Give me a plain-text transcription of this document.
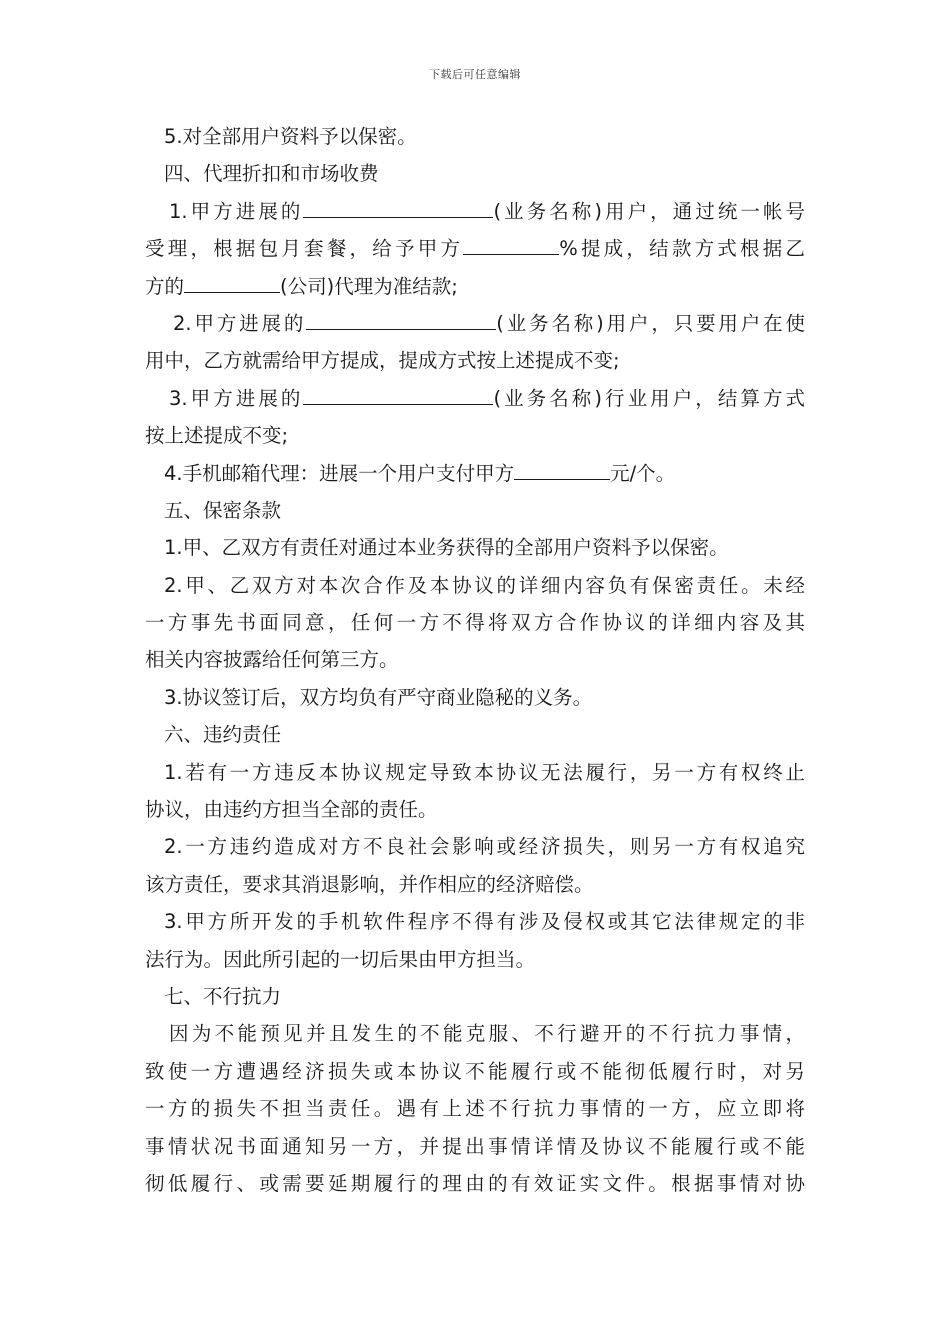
下载后可任意编辑
5.对全部用户资料予以保密。
四、代理折扣和市场收费
1.甲方进展的	(业务名称)用户，通过统一帐号
受理，根据包月套餐，给予甲方	%提成，结款方式根据乙
方的	(公司)代理为准结款;
2.甲方进展的	(业务名称)用户，只要用户在使
用中，乙方就需给甲方提成，提成方式按上述提成不变;
3.甲方进展的	(业务名称)行业用户，结算方式
按上述提成不变;
4.手机邮箱代理：进展一个用户支付甲方	元/个。
五、保密条款
1.甲、乙双方有责任对通过本业务获得的全部用户资料予以保密。
2.甲、乙双方对本次合作及本协议的详细内容负有保密责任。未经
一方事先书面同意，任何一方不得将双方合作协议的详细内容及其
相关内容披露给任何第三方。
3.协议签订后，双方均负有严守商业隐秘的义务。
六、违约责任
1.若有一方违反本协议规定导致本协议无法履行，另一方有权终止
协议，由违约方担当全部的责任。
2.一方违约造成对方不良社会影响或经济损失，则另一方有权追究
该方责任，要求其消退影响，并作相应的经济赔偿。
3.甲方所开发的手机软件程序不得有涉及侵权或其它法律规定的非
法行为。因此所引起的一切后果由甲方担当。
七、不行抗力
因为不能预见并且发生的不能克服、不行避开的不行抗力事情，
致使一方遭遇经济损失或本协议不能履行或不能彻低履行时，对另
一方的损失不担当责任。遇有上述不行抗力事情的一方，应立即将
事情状况书面通知另一方，并提出事情详情及协议不能履行或不能
彻低履行、或需要延期履行的理由的有效证实文件。根据事情对协
